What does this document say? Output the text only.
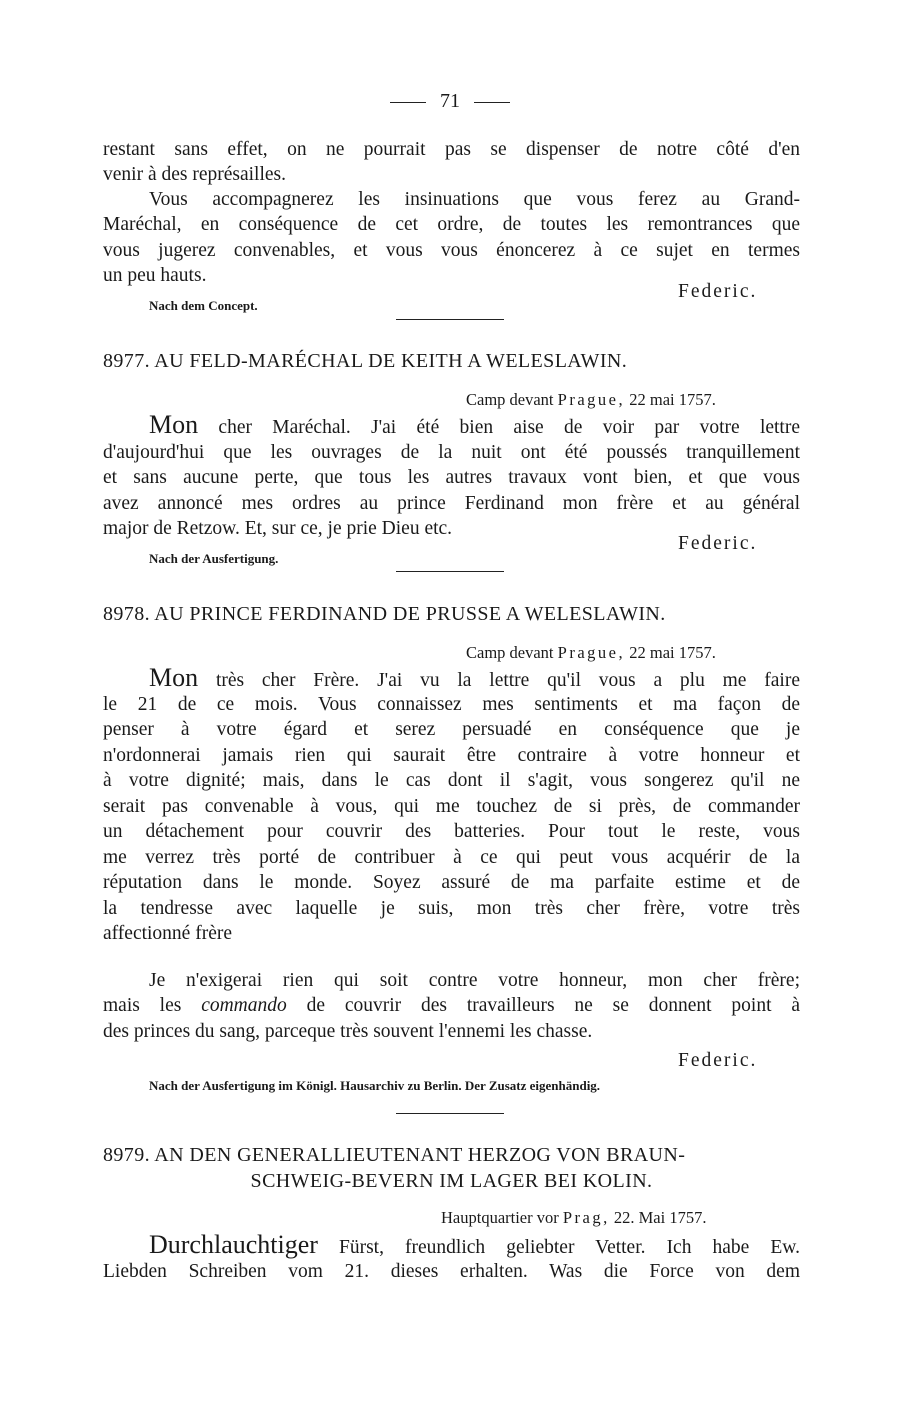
71
restant sans effet, on ne pourrait pas se dispenser de notre côté d'en
venir à des représailles.
Vous accompagnerez les insinuations que vous ferez au Grand-
Maréchal, en conséquence de cet ordre, de toutes les remontrances que
vous jugerez convenables, et vous vous énoncerez à ce sujet en termes
un peu hauts.
Federic.
Nach dem Concept.
8977. AU FELD-MARÉCHAL DE KEITH A WELESLAWIN.
Camp devant Prague, 22 mai 1757.
Mon cher Maréchal. J'ai été bien aise de voir par votre lettre
d'aujourd'hui que les ouvrages de la nuit ont été poussés tranquillement
et sans aucune perte, que tous les autres travaux vont bien, et que vous
avez annoncé mes ordres au prince Ferdinand mon frère et au général
major de Retzow. Et, sur ce, je prie Dieu etc.
Federic.
Nach der Ausfertigung.
8978. AU PRINCE FERDINAND DE PRUSSE A WELESLAWIN.
Camp devant Prague, 22 mai 1757.
Mon très cher Frère. J'ai vu la lettre qu'il vous a plu me faire
le 21 de ce mois. Vous connaissez mes sentiments et ma façon de
penser à votre égard et serez persuadé en conséquence que je
n'ordonnerai jamais rien qui saurait être contraire à votre honneur et
à votre dignité; mais, dans le cas dont il s'agit, vous songerez qu'il ne
serait pas convenable à vous, qui me touchez de si près, de commander
un détachement pour couvrir des batteries. Pour tout le reste, vous
me verrez très porté de contribuer à ce qui peut vous acquérir de la
réputation dans le monde. Soyez assuré de ma parfaite estime et de
la tendresse avec laquelle je suis, mon très cher frère, votre très
affectionné frère
Je n'exigerai rien qui soit contre votre honneur, mon cher frère;
mais les commando de couvrir des travailleurs ne se donnent point à
des princes du sang, parceque très souvent l'ennemi les chasse.
Federic.
Nach der Ausfertigung im Königl. Hausarchiv zu Berlin. Der Zusatz eigenhändig.
8979. AN DEN GENERALLIEUTENANT HERZOG VON BRAUN-
SCHWEIG-BEVERN IM LAGER BEI KOLIN.
Hauptquartier vor Prag, 22. Mai 1757.
Durchlauchtiger Fürst, freundlich geliebter Vetter. Ich habe Ew.
Liebden Schreiben vom 21. dieses erhalten. Was die Force von dem
